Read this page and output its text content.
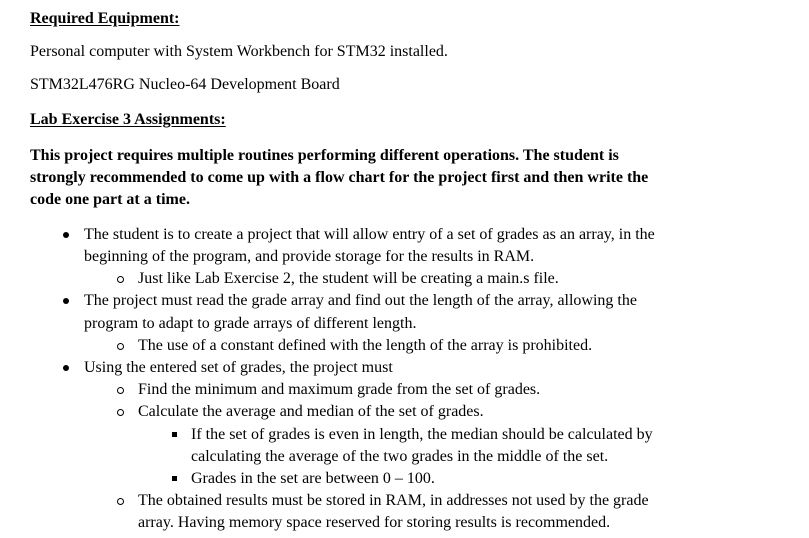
Required Equipment:
Personal computer with System Workbench for STM32 installed.
STM32L476RG Nucleo-64 Development Board
Lab Exercise 3 Assignments:
This project requires multiple routines performing different operations. The student is
strongly recommended to come up with a flow chart for the project first and then write the
code one part at a time.
The student is to create a project that will allow entry of a set of grades as an array, in the
beginning of the program, and provide storage for the results in RAM.
Just like Lab Exercise 2, the student will be creating a main.s file.
The project must read the grade array and find out the length of the array, allowing the
program to adapt to grade arrays of different length.
The use of a constant defined with the length of the array is prohibited.
Using the entered set of grades, the project must
Find the minimum and maximum grade from the set of grades.
Calculate the average and median of the set of grades.
If the set of grades is even in length, the median should be calculated by
calculating the average of the two grades in the middle of the set.
Grades in the set are between 0 – 100.
The obtained results must be stored in RAM, in addresses not used by the grade
array. Having memory space reserved for storing results is recommended.
